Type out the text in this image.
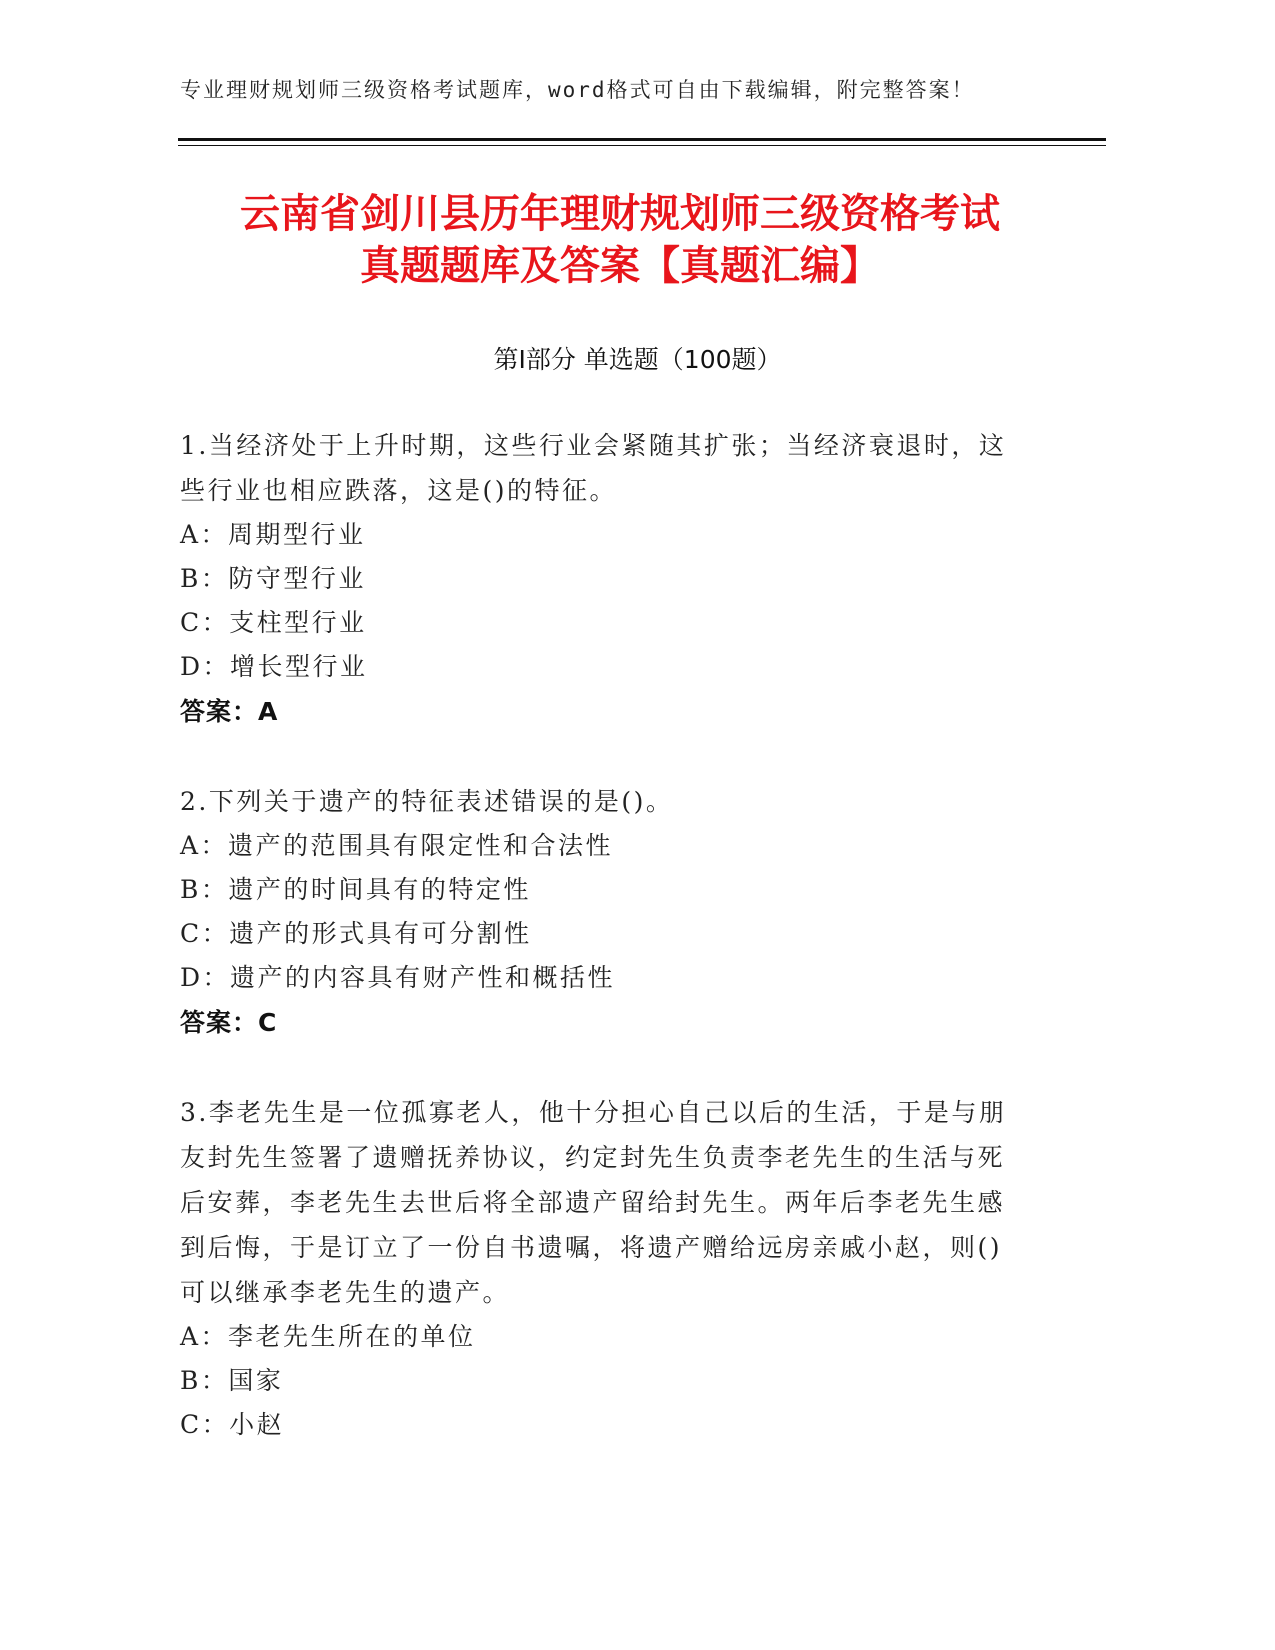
专业理财规划师三级资格考试题库，word格式可自由下载编辑，附完整答案！
云南省剑川县历年理财规划师三级资格考试
真题题库及答案【真题汇编】
第Ⅰ部分 单选题（100题）
1.当经济处于上升时期，这些行业会紧随其扩张；当经济衰退时，这些行业也相应跌落，这是()的特征。
A：周期型行业
B：防守型行业
C：支柱型行业
D：增长型行业
答案：A
2.下列关于遗产的特征表述错误的是()。
A：遗产的范围具有限定性和合法性
B：遗产的时间具有的特定性
C：遗产的形式具有可分割性
D：遗产的内容具有财产性和概括性
答案：C
3.李老先生是一位孤寡老人，他十分担心自己以后的生活，于是与朋友封先生签署了遗赠抚养协议，约定封先生负责李老先生的生活与死后安葬，李老先生去世后将全部遗产留给封先生。两年后李老先生感到后悔，于是订立了一份自书遗嘱，将遗产赠给远房亲戚小赵，则()可以继承李老先生的遗产。
A：李老先生所在的单位
B：国家
C：小赵
